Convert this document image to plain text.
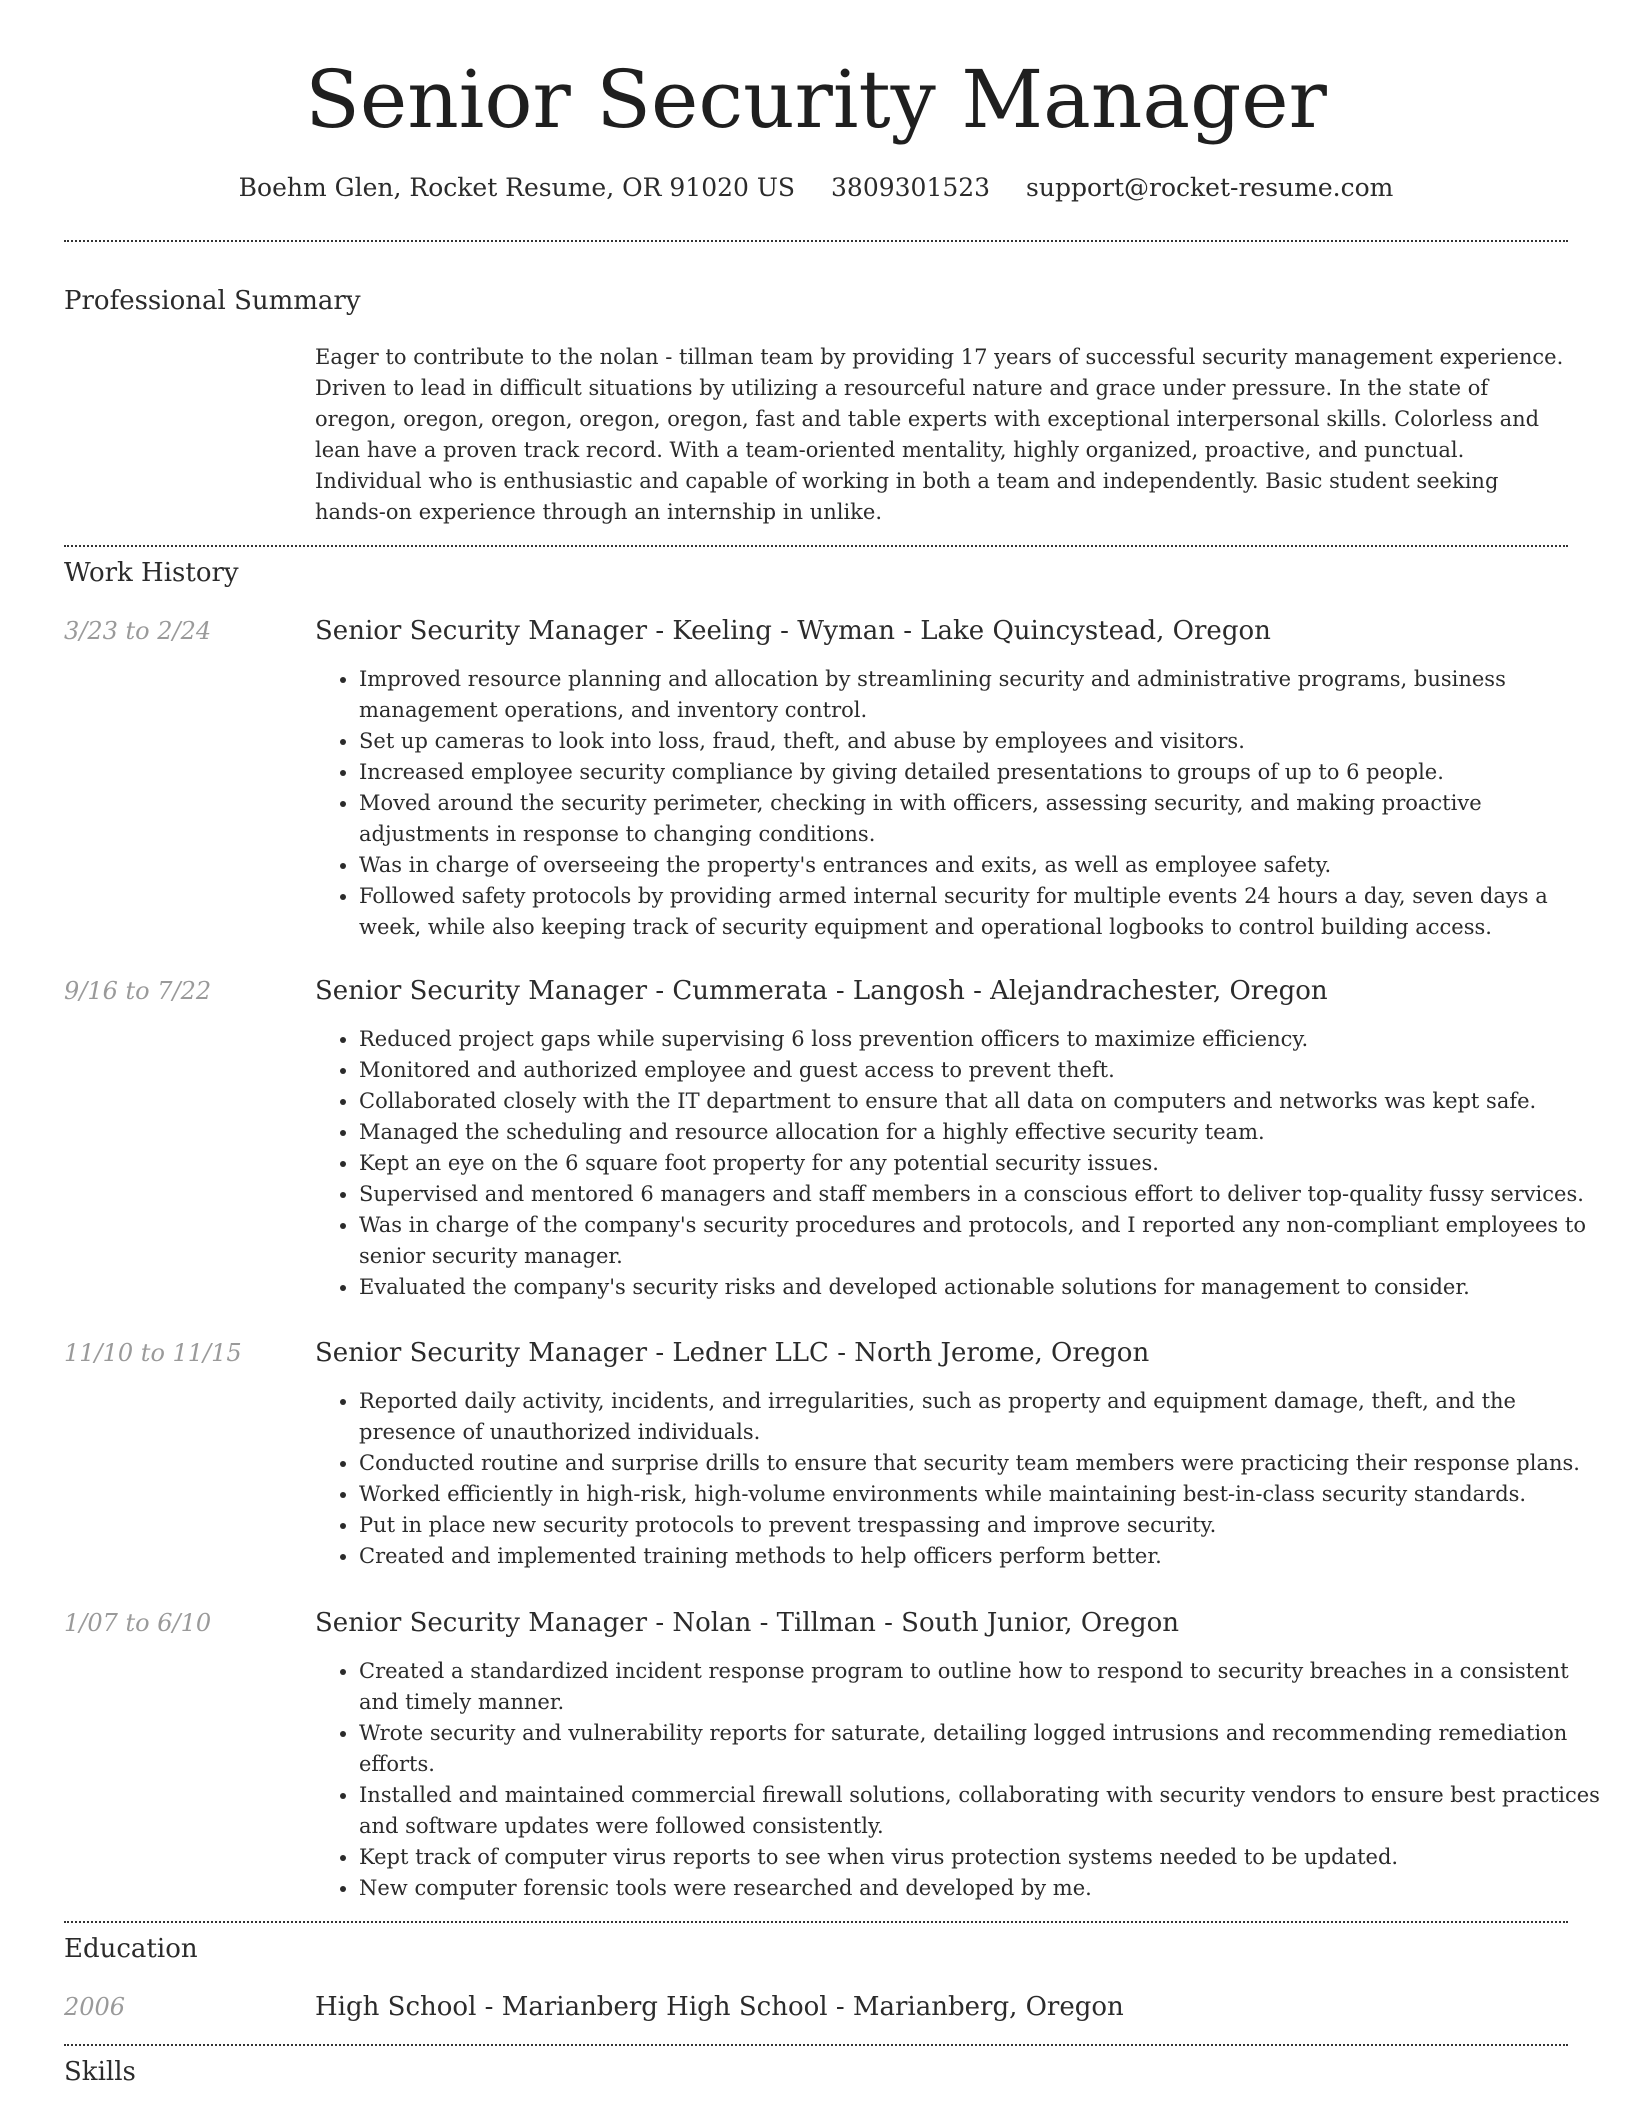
Senior Security Manager
Boehm Glen, Rocket Resume, OR 91020 US 3809301523 support@rocket-resume.com
Professional Summary
Eager to contribute to the nolan - tillman team by providing 17 years of successful security management experience. Driven to lead in difficult situations by utilizing a resourceful nature and grace under pressure. In the state of oregon, oregon, oregon, oregon, oregon, fast and table experts with exceptional interpersonal skills. Colorless and lean have a proven track record. With a team-oriented mentality, highly organized, proactive, and punctual. Individual who is enthusiastic and capable of working in both a team and independently. Basic student seeking hands-on experience through an internship in unlike.
Work History
3/23 to 2/24	Senior Security Manager - Keeling - Wyman - Lake Quincystead, Oregon
• Improved resource planning and allocation by streamlining security and administrative programs, business management operations, and inventory control.
• Set up cameras to look into loss, fraud, theft, and abuse by employees and visitors.
• Increased employee security compliance by giving detailed presentations to groups of up to 6 people.
• Moved around the security perimeter, checking in with officers, assessing security, and making proactive adjustments in response to changing conditions.
• Was in charge of overseeing the property's entrances and exits, as well as employee safety.
• Followed safety protocols by providing armed internal security for multiple events 24 hours a day, seven days a week, while also keeping track of security equipment and operational logbooks to control building access.
9/16 to 7/22	Senior Security Manager - Cummerata - Langosh - Alejandrachester, Oregon
• Reduced project gaps while supervising 6 loss prevention officers to maximize efficiency.
• Monitored and authorized employee and guest access to prevent theft.
• Collaborated closely with the IT department to ensure that all data on computers and networks was kept safe.
• Managed the scheduling and resource allocation for a highly effective security team.
• Kept an eye on the 6 square foot property for any potential security issues.
• Supervised and mentored 6 managers and staff members in a conscious effort to deliver top-quality fussy services.
• Was in charge of the company's security procedures and protocols, and I reported any non-compliant employees to senior security manager.
• Evaluated the company's security risks and developed actionable solutions for management to consider.
11/10 to 11/15	Senior Security Manager - Ledner LLC - North Jerome, Oregon
• Reported daily activity, incidents, and irregularities, such as property and equipment damage, theft, and the presence of unauthorized individuals.
• Conducted routine and surprise drills to ensure that security team members were practicing their response plans.
• Worked efficiently in high-risk, high-volume environments while maintaining best-in-class security standards.
• Put in place new security protocols to prevent trespassing and improve security.
• Created and implemented training methods to help officers perform better.
1/07 to 6/10	Senior Security Manager - Nolan - Tillman - South Junior, Oregon
• Created a standardized incident response program to outline how to respond to security breaches in a consistent and timely manner.
• Wrote security and vulnerability reports for saturate, detailing logged intrusions and recommending remediation efforts.
• Installed and maintained commercial firewall solutions, collaborating with security vendors to ensure best practices and software updates were followed consistently.
• Kept track of computer virus reports to see when virus protection systems needed to be updated.
• New computer forensic tools were researched and developed by me.
Education
2006	High School - Marianberg High School - Marianberg, Oregon
Skills
